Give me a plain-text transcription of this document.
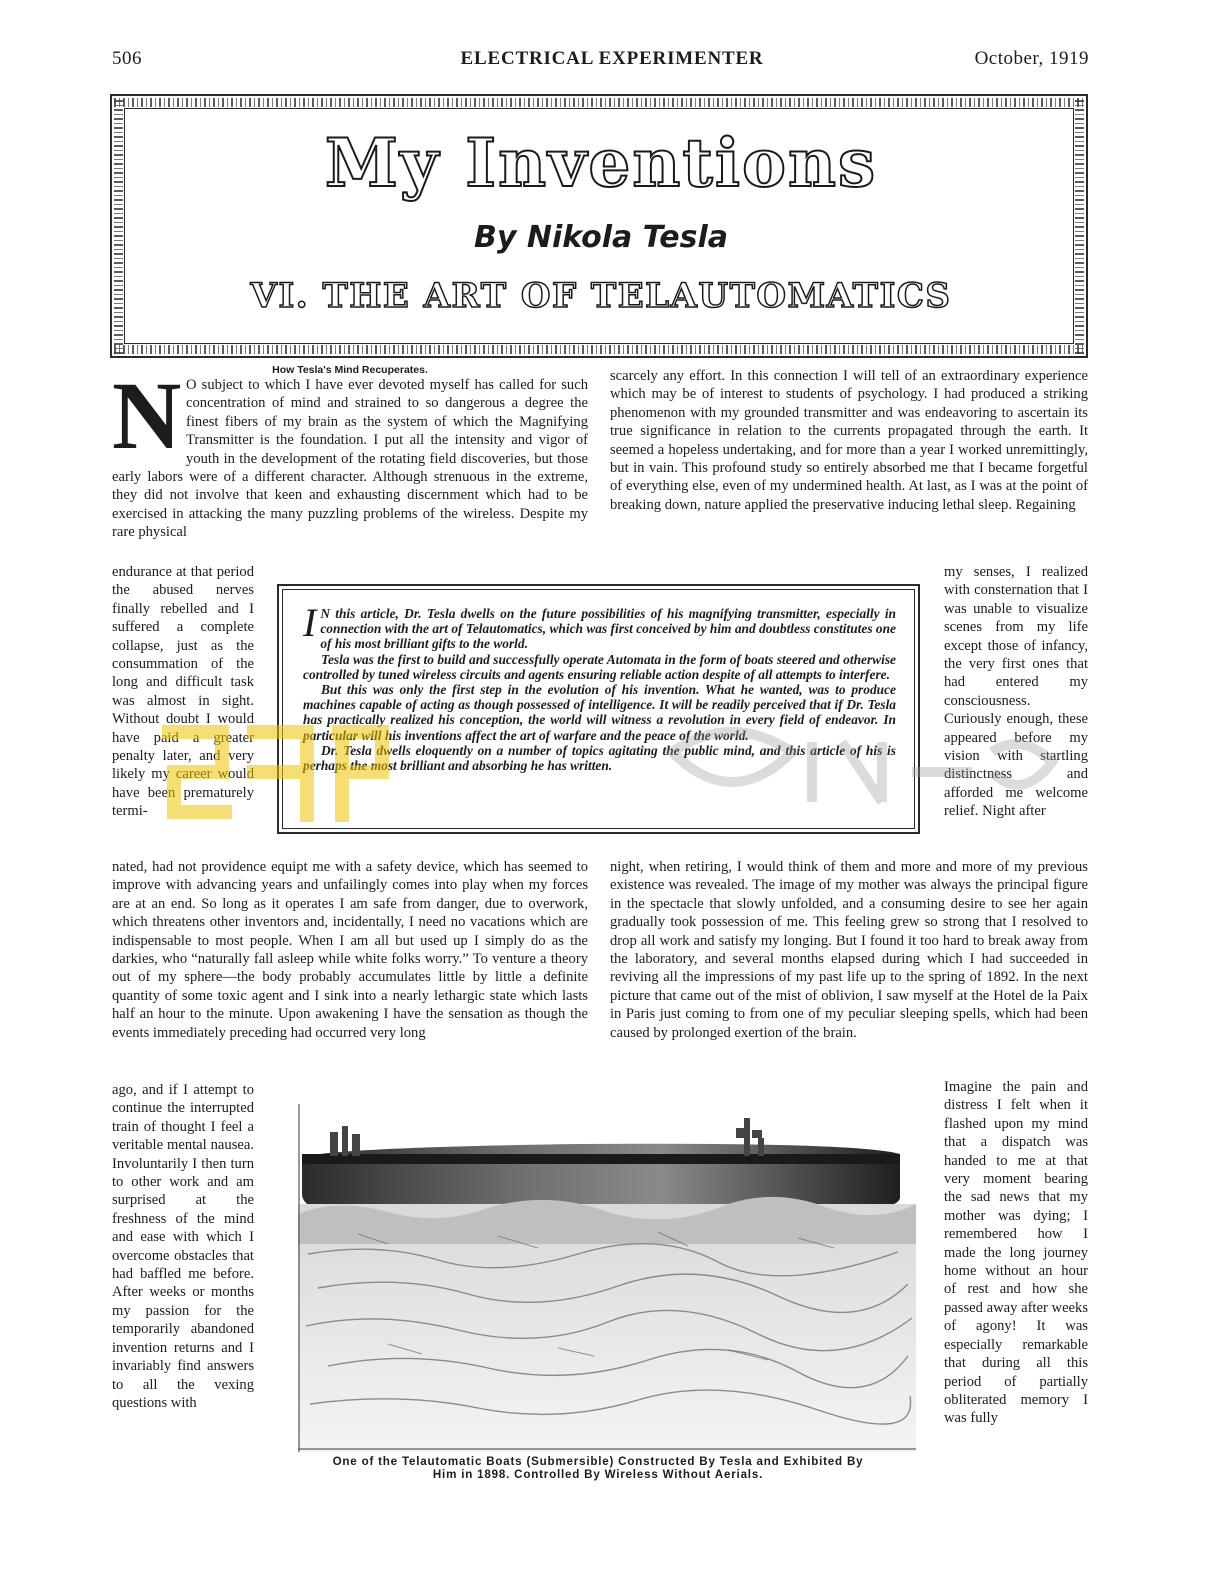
506	ELECTRICAL EXPERIMENTER	October, 1919
My Inventions
By Nikola Tesla
VI. THE ART OF TELAUTOMATICS
How Tesla's Mind Recuperates.
N O subject to which I have ever devoted myself has called for such concentration of mind and strained to so dangerous a degree the finest fibers of my brain as the system of which the Magnifying Transmitter is the foundation. I put all the intensity and vigor of youth in the development of the rotating field discoveries, but those early labors were of a different character. Although strenuous in the extreme, they did not involve that keen and exhausting discernment which had to be exercised in attacking the many puzzling problems of the wireless. Despite my rare physical
endurance at that period the abused nerves finally rebelled and I suffered a complete collapse, just as the consummation of the long and difficult task was almost in sight. Without doubt I would have paid a greater penalty later, and very likely my career would have been prematurely termi-
nated, had not providence equipt me with a safety device, which has seemed to improve with advancing years and unfailingly comes into play when my forces are at an end. So long as it operates I am safe from danger, due to overwork, which threatens other inventors and, incidentally, I need no vacations which are indispensable to most people. When I am all but used up I simply do as the darkies, who “naturally fall asleep while white folks worry.” To venture a theory out of my sphere—the body probably accumulates little by little a definite quantity of some toxic agent and I sink into a nearly lethargic state which lasts half an hour to the minute. Upon awakening I have the sensation as though the events immediately preceding had occurred very long
ago, and if I attempt to continue the interrupted train of thought I feel a veritable mental nausea. Involuntarily I then turn to other work and am surprised at the freshness of the mind and ease with which I overcome obstacles that had baffled me before. After weeks or months my passion for the temporarily abandoned invention returns and I invariably find answers to all the vexing questions with
scarcely any effort. In this connection I will tell of an extraordinary experience which may be of interest to students of psychology. I had produced a striking phenomenon with my grounded transmitter and was endeavoring to ascertain its true significance in relation to the currents propagated through the earth. It seemed a hopeless undertaking, and for more than a year I worked unremittingly, but in vain. This profound study so entirely absorbed me that I became forgetful of everything else, even of my undermined health. At last, as I was at the point of breaking down, nature applied the preservative inducing lethal sleep. Regaining
my senses, I realized with consternation that I was unable to visualize scenes from my life except those of infancy, the very first ones that had entered my consciousness. Curiously enough, these appeared before my vision with startling distinctness and afforded me welcome relief. Night after
night, when retiring, I would think of them and more and more of my previous existence was revealed. The image of my mother was always the principal figure in the spectacle that slowly unfolded, and a consuming desire to see her again gradually took possession of me. This feeling grew so strong that I resolved to drop all work and satisfy my longing. But I found it too hard to break away from the laboratory, and several months elapsed during which I had succeeded in reviving all the impressions of my past life up to the spring of 1892. In the next picture that came out of the mist of oblivion, I saw myself at the Hotel de la Paix in Paris just coming to from one of my peculiar sleeping spells, which had been caused by prolonged exertion of the brain.
Imagine the pain and distress I felt when it flashed upon my mind that a dispatch was handed to me at that very moment bearing the sad news that my mother was dying; I remembered how I made the long journey home without an hour of rest and how she passed away after weeks of agony! It was especially remarkable that during all this period of partially obliterated memory I was fully

I N this article, Dr. Tesla dwells on the future possibilities of his magnifying transmitter, especially in connection with the art of Telautomatics, which was first conceived by him and doubtless constitutes one of his most brilliant gifts to the world.

Tesla was the first to build and successfully operate Automata in the form of boats steered and otherwise controlled by tuned wireless circuits and agents ensuring reliable action despite of all attempts to interfere.

But this was only the first step in the evolution of his invention. What he wanted, was to produce machines capable of acting as though possessed of intelligence. It will be readily perceived that if Dr. Tesla has practically realized his conception, the world will witness a revolution in every field of endeavor. In particular will his inventions affect the art of warfare and the peace of the world.

Dr. Tesla dwells eloquently on a number of topics agitating the public mind, and this article of his is perhaps the most brilliant and absorbing he has written.

One of the Telautomatic Boats (Submersible) Constructed By Tesla and Exhibited By
Him in 1898. Controlled By Wireless Without Aerials.
